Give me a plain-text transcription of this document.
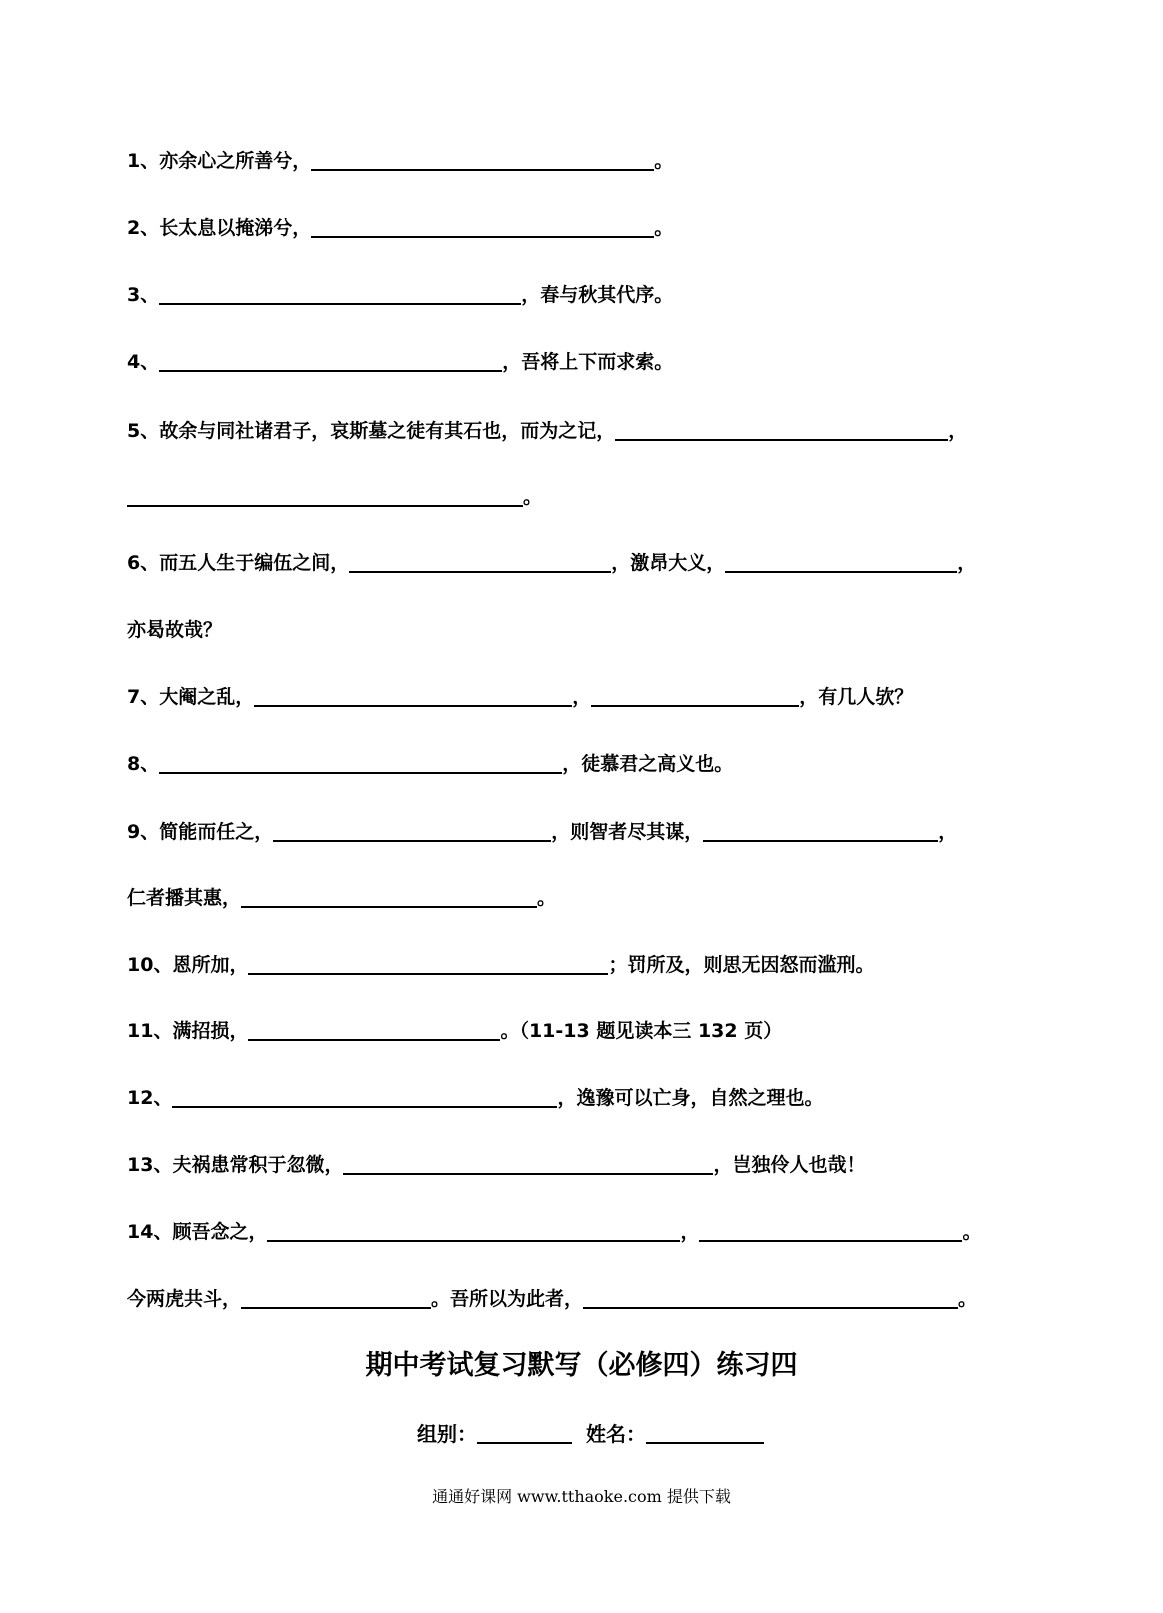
1、亦余心之所善兮，	。
2、长太息以掩涕兮，	。
3、	，春与秋其代序。
4、	，吾将上下而求索。
5、故余与同社诸君子，哀斯墓之徒有其石也，而为之记，	，
。
6、而五人生于编伍之间，	，激昂大义，	，
亦曷故哉？
7、大阉之乱，	，	，有几人欤？
8、	，徒慕君之高义也。
9、简能而任之，	，则智者尽其谋，	，
仁者播其惠，	。
10、恩所加，	；罚所及，则思无因怒而滥刑。
11、满招损，	。（11-13 题见读本三 132 页）
12、	，逸豫可以亡身，自然之理也。
13、夫祸患常积于忽微，	，岂独伶人也哉！
14、顾吾念之，	，	。
今两虎共斗，	。吾所以为此者，	。
期中考试复习默写（必修四）练习四
组别：	姓名：
通通好课网 www.tthaoke.com 提供下载
